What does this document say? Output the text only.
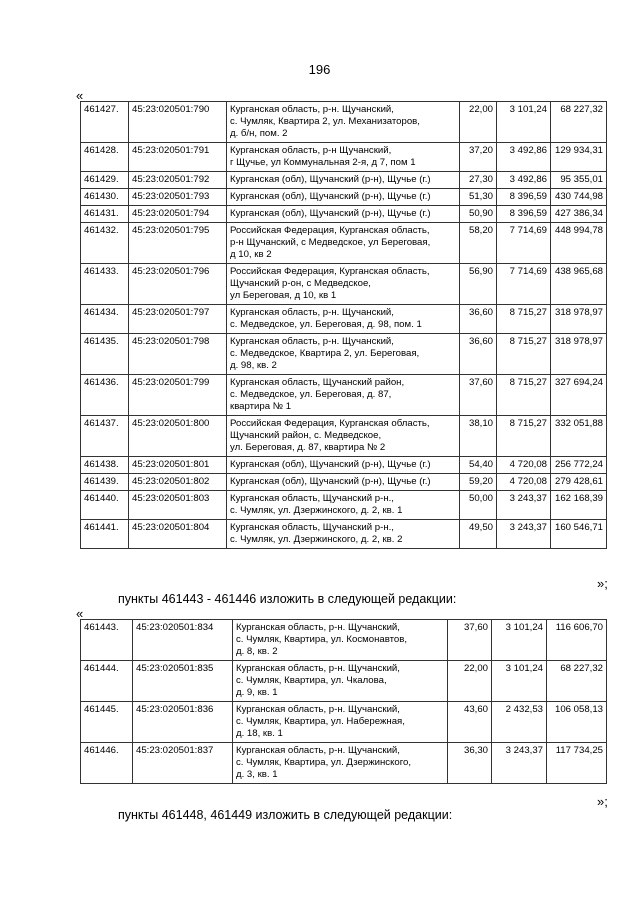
196
«
461427.	45:23:020501:790	Курганская область, р-н. Щучанский,
с. Чумляк, Квартира 2, ул. Механизаторов,
д. б/н, пом. 2	22,00	3 101,24	68 227,32
461428.	45:23:020501:791	Курганская область, р-н Щучанский,
г Щучье, ул Коммунальная 2-я, д 7, пом 1	37,20	3 492,86	129 934,31
461429.	45:23:020501:792	Курганская (обл), Щучанский (р-н), Щучье (г.)	27,30	3 492,86	95 355,01
461430.	45:23:020501:793	Курганская (обл), Щучанский (р-н), Щучье (г.)	51,30	8 396,59	430 744,98
461431.	45:23:020501:794	Курганская (обл), Щучанский (р-н), Щучье (г.)	50,90	8 396,59	427 386,34
461432.	45:23:020501:795	Российская Федерация, Курганская область,
р-н Щучанский, с Медведское, ул Береговая,
д 10, кв 2	58,20	7 714,69	448 994,78
461433.	45:23:020501:796	Российская Федерация, Курганская область,
Щучанский р-он, с Медведское,
ул Береговая, д 10, кв 1	56,90	7 714,69	438 965,68
461434.	45:23:020501:797	Курганская область, р-н. Щучанский,
с. Медведское, ул. Береговая, д. 98, пом. 1	36,60	8 715,27	318 978,97
461435.	45:23:020501:798	Курганская область, р-н. Щучанский,
с. Медведское, Квартира 2, ул. Береговая,
д. 98, кв. 2	36,60	8 715,27	318 978,97
461436.	45:23:020501:799	Курганская область, Щучанский район,
с. Медведское, ул. Береговая, д. 87,
квартира № 1	37,60	8 715,27	327 694,24
461437.	45:23:020501:800	Российская Федерация, Курганская область,
Щучанский район, с. Медведское,
ул. Береговая, д. 87, квартира № 2	38,10	8 715,27	332 051,88
461438.	45:23:020501:801	Курганская (обл), Щучанский (р-н), Щучье (г.)	54,40	4 720,08	256 772,24
461439.	45:23:020501:802	Курганская (обл), Щучанский (р-н), Щучье (г.)	59,20	4 720,08	279 428,61
461440.	45:23:020501:803	Курганская область, Щучанский р-н.,
с. Чумляк, ул. Дзержинского, д. 2, кв. 1	50,00	3 243,37	162 168,39
461441.	45:23:020501:804	Курганская область, Щучанский р-н.,
с. Чумляк, ул. Дзержинского, д. 2, кв. 2	49,50	3 243,37	160 546,71
»;
пункты 461443 - 461446 изложить в следующей редакции:
«
461443.	45:23:020501:834	Курганская область, р-н. Щучанский,
с. Чумляк, Квартира, ул. Космонавтов,
д. 8, кв. 2	37,60	3 101,24	116 606,70
461444.	45:23:020501:835	Курганская область, р-н. Щучанский,
с. Чумляк, Квартира, ул. Чкалова,
д. 9, кв. 1	22,00	3 101,24	68 227,32
461445.	45:23:020501:836	Курганская область, р-н. Щучанский,
с. Чумляк, Квартира, ул. Набережная,
д. 18, кв. 1	43,60	2 432,53	106 058,13
461446.	45:23:020501:837	Курганская область, р-н. Щучанский,
с. Чумляк, Квартира, ул. Дзержинского,
д. 3, кв. 1	36,30	3 243,37	117 734,25
»;
пункты 461448, 461449 изложить в следующей редакции:
